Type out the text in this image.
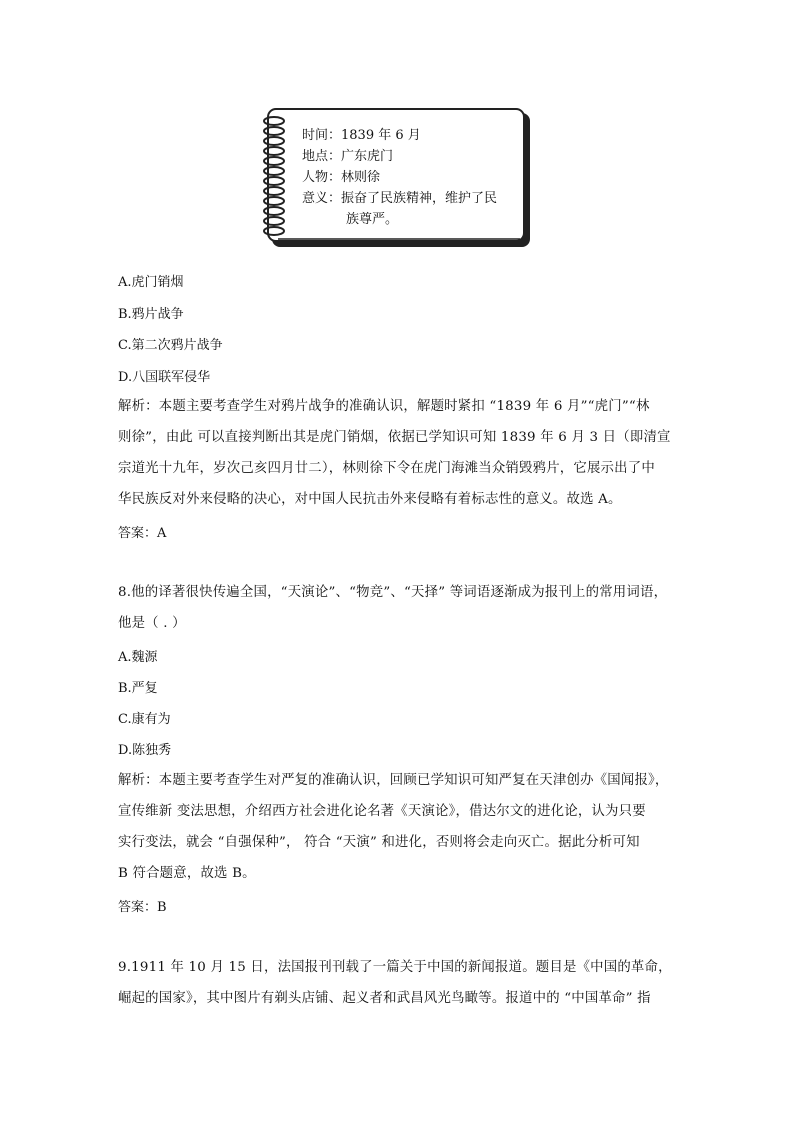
时间：1839 年 6 月
地点：广东虎门
人物：林则徐
意义：振奋了民族精神，维护了民
族尊严。
A.虎门销烟
B.鸦片战争
C.第二次鸦片战争
D.八国联军侵华
解析：本题主要考查学生对鸦片战争的准确认识，解题时紧扣 “1839 年 6 月”“虎门”“林
则徐”，由此 可以直接判断出其是虎门销烟，依据已学知识可知 1839 年 6 月 3 日（即清宣
宗道光十九年，岁次己亥四月廿二），林则徐下令在虎门海滩当众销毁鸦片，它展示出了中
华民族反对外来侵略的决心，对中国人民抗击外来侵略有着标志性的意义。故选 A。
答案：A
8.他的译著很快传遍全国，“天演论”、“物竞”、“天择” 等词语逐渐成为报刊上的常用词语，
他是（ . ）
A.魏源
B.严复
C.康有为
D.陈独秀
解析：本题主要考查学生对严复的准确认识，回顾已学知识可知严复在天津创办《国闻报》，
宣传维新 变法思想，介绍西方社会进化论名著《天演论》，借达尔文的进化论，认为只要
实行变法，就会 “自强保种”， 符合 “天演” 和进化，否则将会走向灭亡。据此分析可知
B 符合题意，故选 B。
答案：B
9.1911 年 10 月 15 日，法国报刊刊载了一篇关于中国的新闻报道。题目是《中国的革命，
崛起的国家》，其中图片有剃头店铺、起义者和武昌风光鸟瞰等。报道中的 “中国革命” 指
